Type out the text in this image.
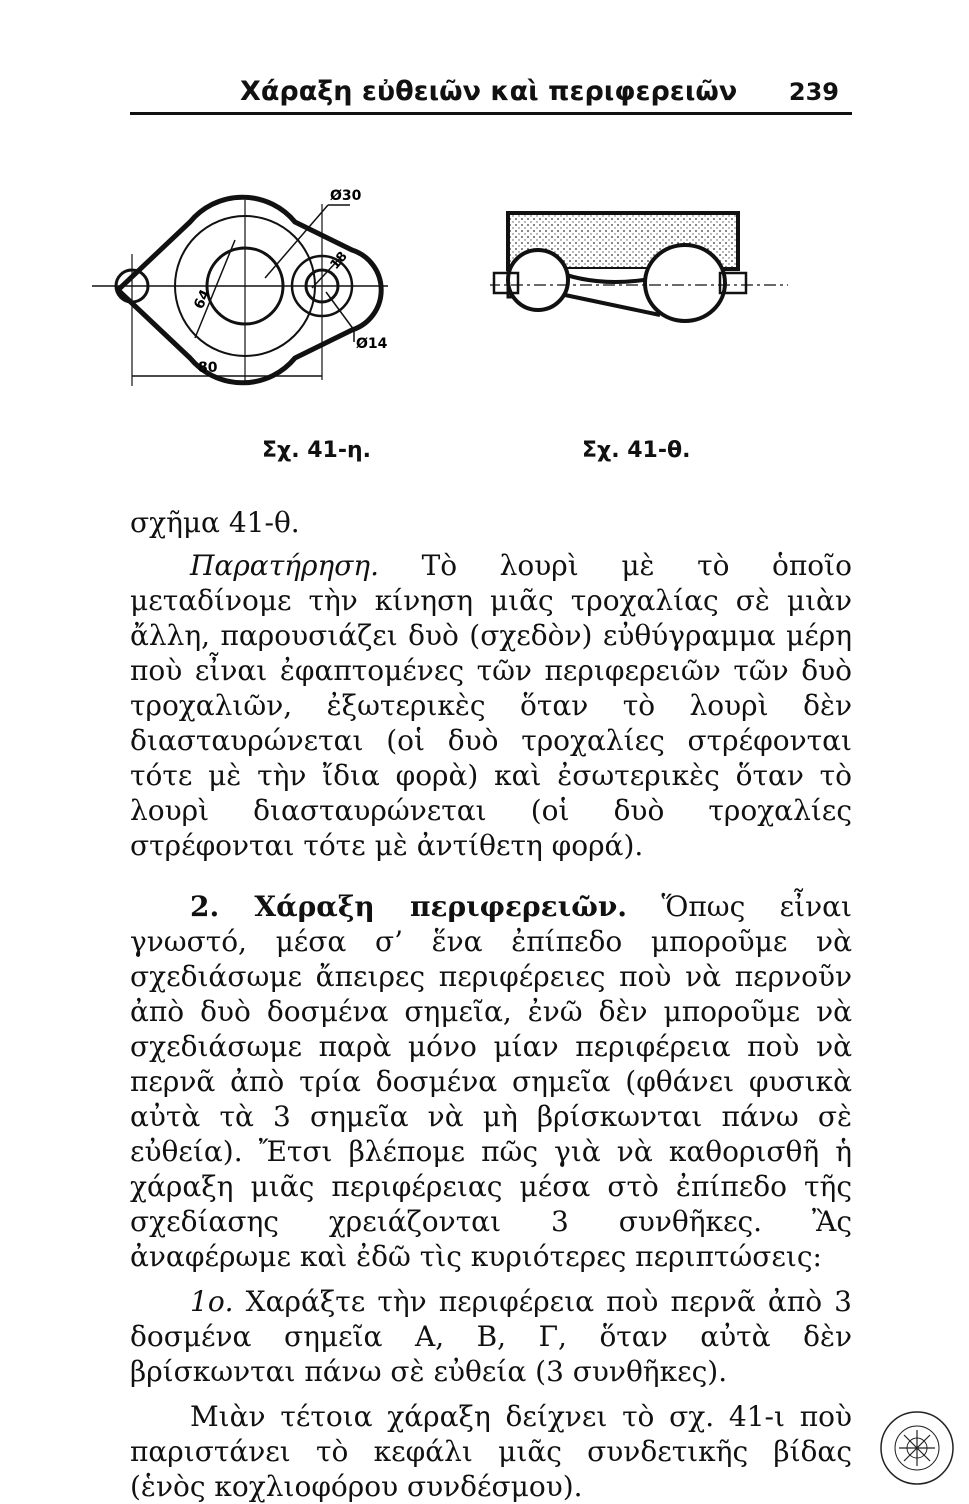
Χάραξη εὐθειῶν καὶ περιφερειῶν 239
Ø30
Ø14
64
18
80
Σχ. 41-η.	Σχ. 41-θ.

σχῆμα 41-θ.

Παρατήρηση. Τὸ λουρὶ μὲ τὸ ὁποῖο μεταδίνομε τὴν κίνηση μιᾶς τροχαλίας σὲ μιὰν ἄλλη, παρουσιάζει δυὸ (σχεδὸν) εὐθύγραμμα μέρη ποὺ εἶναι ἐφαπτομένες τῶν περιφερειῶν τῶν δυὸ τροχαλιῶν, ἐξωτερικὲς ὅταν τὸ λουρὶ δὲν διασταυρώνεται (οἱ δυὸ τροχαλίες στρέφονται τότε μὲ τὴν ἴδια φορὰ) καὶ ἐσωτερικὲς ὅταν τὸ λουρὶ διασταυρώνεται (οἱ δυὸ τροχαλίες στρέφονται τότε μὲ ἀντίθετη φορά).

2. Χάραξη περιφερειῶν. Ὅπως εἶναι γνωστό, μέσα σ’ ἕνα ἐπίπεδο μποροῦμε νὰ σχεδιάσωμε ἄπειρες περιφέρειες ποὺ νὰ περνοῦν ἀπὸ δυὸ δοσμένα σημεῖα, ἐνῶ δὲν μποροῦμε νὰ σχεδιάσωμε παρὰ μόνο μίαν περιφέρεια ποὺ νὰ περνᾶ ἀπὸ τρία δοσμένα σημεῖα (φθάνει φυσικὰ αὐτὰ τὰ 3 σημεῖα νὰ μὴ βρίσκωνται πάνω σὲ εὐθεία). Ἔτσι βλέπομε πῶς γιὰ νὰ καθορισθῆ ἡ χάραξη μιᾶς περιφέρειας μέσα στὸ ἐπίπεδο τῆς σχεδίασης χρειάζονται 3 συνθῆκες. Ἂς ἀναφέρωμε καὶ ἐδῶ τὶς κυριότερες περιπτώσεις:

1ο. Χαράξτε τὴν περιφέρεια ποὺ περνᾶ ἀπὸ 3 δοσμένα σημεῖα Α, Β, Γ, ὅταν αὐτὰ δὲν βρίσκωνται πάνω σὲ εὐθεία (3 συνθῆκες).

Μιὰν τέτοια χάραξη δείχνει τὸ σχ. 41-ι ποὺ παριστάνει τὸ κεφάλι μιᾶς συνδετικῆς βίδας (ἑνὸς κοχλιοφόρου συνδέσμου).
